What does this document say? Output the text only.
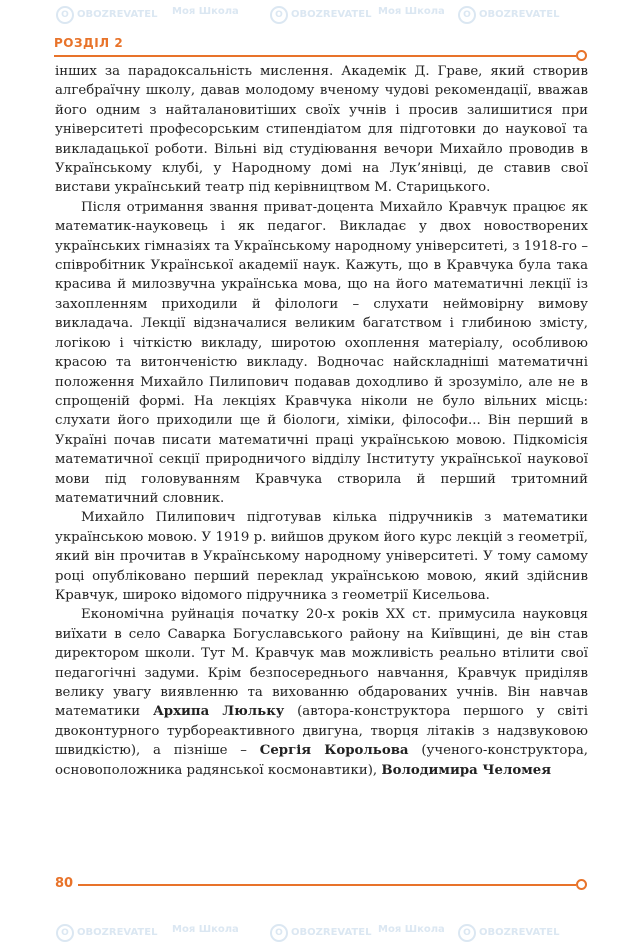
O OBOZREVATEL Моя Школа	O OBOZREVATEL Моя Школа	O OBOZREVATEL
O OBOZREVATEL Моя Школа	O OBOZREVATEL Моя Школа	O OBOZREVATEL
РОЗДІЛ 2

інших за парадоксальність мислення. Академік Д. Граве, який створив алгебраїчну школу, давав молодому вченому чудові рекомендації, вважав його одним з найталановитіших своїх учнів і просив залишитися при університеті професорським стипендіатом для підготовки до наукової та викладацької роботи. Вільні від студіювання вечори Михайло проводив в Українському клубі, у Народному домі на Лук’янівці, де ставив свої вистави український театр під керівництвом М. Старицького.

Після отримання звання приват-доцента Михайло Кравчук працює як математик-науковець і як педагог. Викладає у двох новостворених українських гімназіях та Українському народному університеті, з 1918-го – співробітник Української академії наук. Кажуть, що в Кравчука була така красива й милозвучна українська мова, що на його математичні лекції із захопленням приходили й філологи – слухати неймовірну вимову викладача. Лекції відзначалися великим багатством і глибиною змісту, логікою і чіткістю викладу, широтою охоплення матеріалу, особливою красою та витонченістю викладу. Водночас найскладніші математичні положення Михайло Пилипович подавав доходливо й зрозуміло, але не в спрощеній формі. На лекціях Кравчука ніколи не було вільних місць: слухати його приходили ще й біологи, хіміки, філософи... Він перший в Україні почав писати математичні праці українською мовою. Підкомісія математичної секції природничого відділу Інституту української наукової мови під головуванням Кравчука створила й перший тритомний математичний словник.

Михайло Пилипович підготував кілька підручників з математики українською мовою. У 1919 р. вийшов друком його курс лекцій з геометрії, який він прочитав в Українському народному університеті. У тому самому році опубліковано перший переклад українською мовою, який здійснив Кравчук, широко відомого підручника з геометрії Кисельова.

Економічна руйнація початку 20-х років XX ст. примусила науковця виїхати в село Саварка Богуславського району на Київщині, де він став директором школи. Тут М. Кравчук мав можливість реально втілити свої педагогічні задуми. Крім безпосереднього навчання, Кравчук приділяв велику увагу виявленню та вихованню обдарованих учнів. Він навчав математики Архипа Люльку (автора-конструктора першого у світі двоконтурного турбореактивного двигуна, творця літаків з надзвуковою швидкістю), а пізніше – Сергія Корольова (ученого-конструктора, основоположника радянської космонавтики), Володимира Челомея

80
